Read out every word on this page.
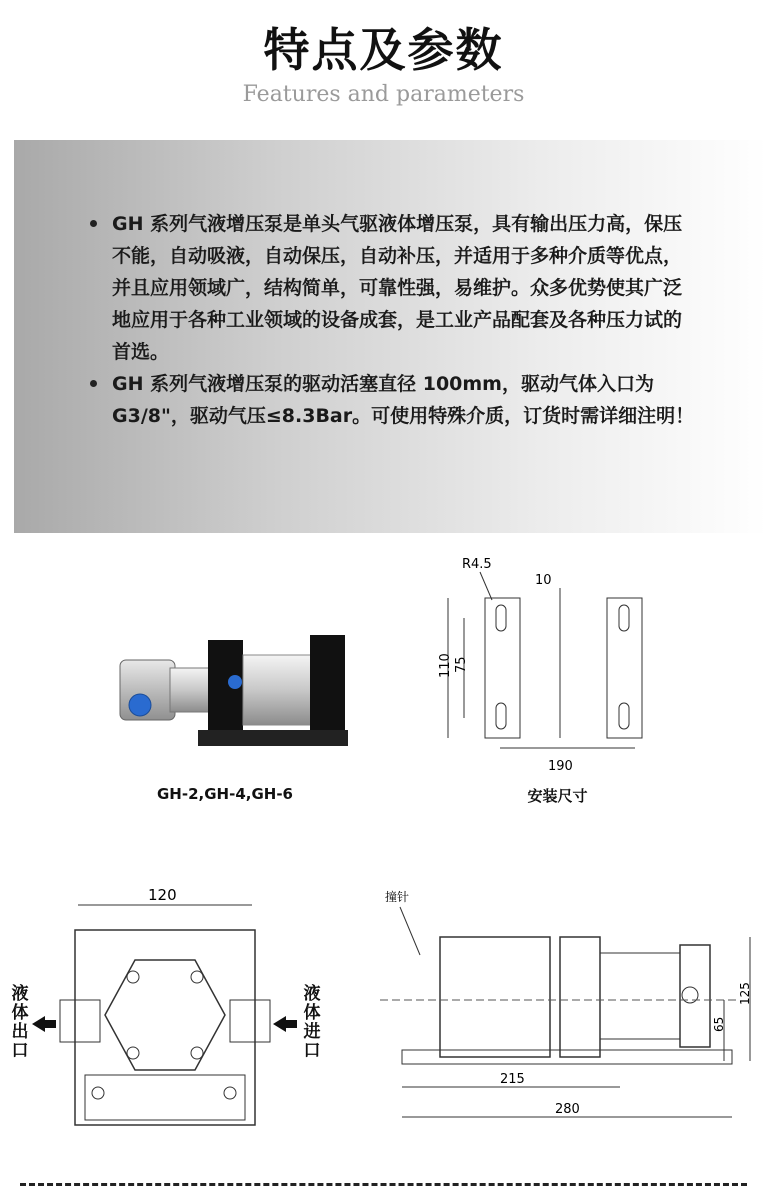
特点及参数
Features and parameters
GH 系列气液增压泵是单头气驱液体增压泵，具有输出压力高，保压不能，自动吸液，自动保压，自动补压，并适用于多种介质等优点，并且应用领域广，结构简单，可靠性强，易维护。众多优势使其广泛地应用于各种工业领域的设备成套，是工业产品配套及各种压力试的首选。
GH 系列气液增压泵的驱动活塞直径 100mm，驱动气体入口为 G3/8"，驱动气压≤8.3Bar。可使用特殊介质，订货时需详细注明！
GH-2,GH-4,GH-6
R4.5
10
110 75
190
安装尺寸
120
液体出口
液体进口
撞针
125
65
215
280
